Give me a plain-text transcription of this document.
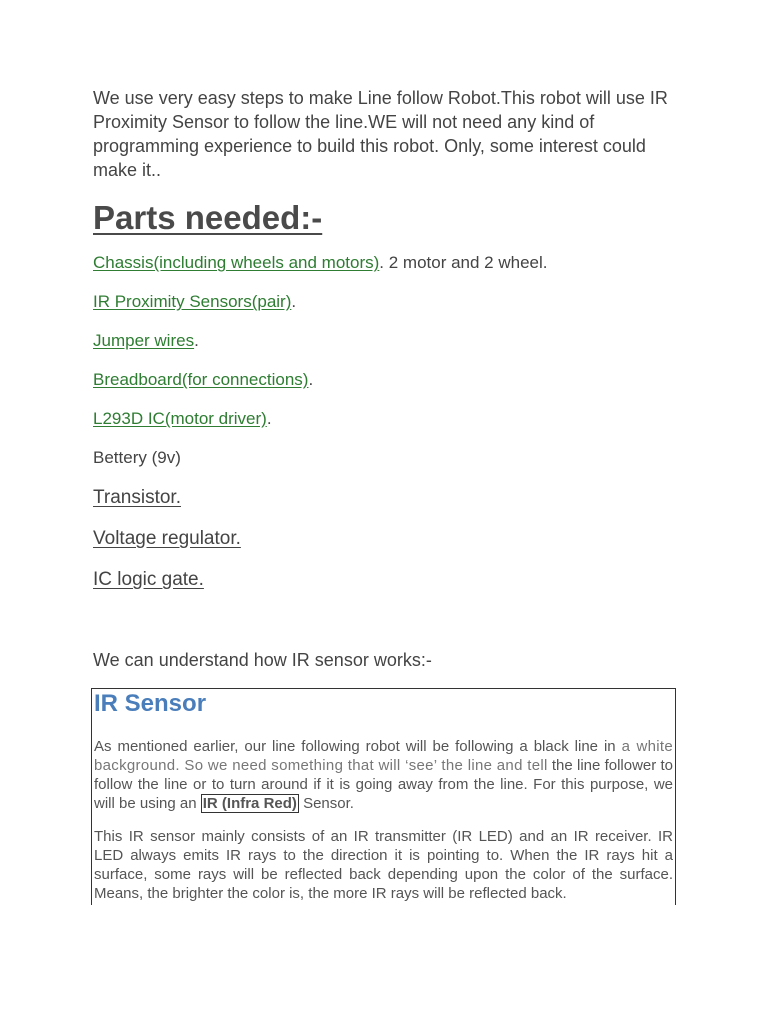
We use very easy steps to make Line follow Robot.This robot will use IR Proximity Sensor to follow the line.WE will not need any kind of programming experience to build this robot. Only, some interest could make it..

Parts needed:-
Chassis(including wheels and motors). 2 motor and 2 wheel.
IR Proximity Sensors(pair).
Jumper wires.
Breadboard(for connections).
L293D IC(motor driver).
Bettery (9v)
Transistor.
Voltage regulator.
IC logic gate.

We can understand how IR sensor works:-

IR Sensor

As mentioned earlier, our line following robot will be following a black line in a white background. So we need something that will ‘see’ the line and tell the line follower to follow the line or to turn around if it is going away from the line. For this purpose, we will be using an IR (Infra Red) Sensor.

This IR sensor mainly consists of an IR transmitter (IR LED) and an IR receiver. IR LED always emits IR rays to the direction it is pointing to. When the IR rays hit a surface, some rays will be reflected back depending upon the color of the surface. Means, the brighter the color is, the more IR rays will be reflected back.
